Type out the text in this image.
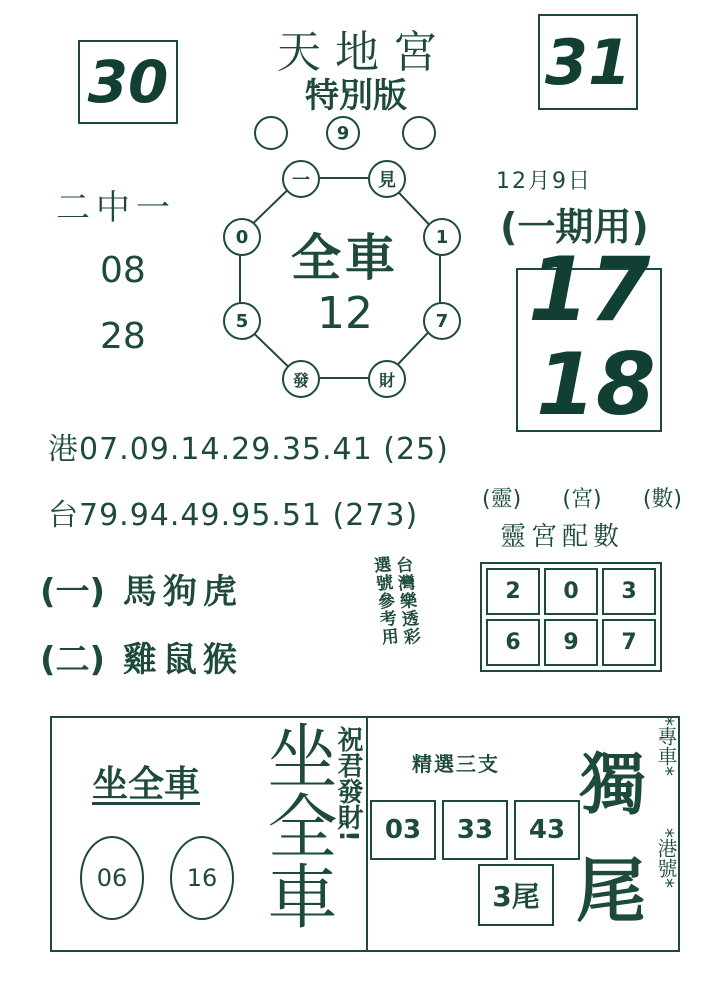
30	31
天 地 宮
特別版
9
二中一
08
28
一	見
0	1
5	7
發	財
全車
12
12月9日
(一期用)
17
18
港07.09.14.29.35.41 (25)
台79.94.49.95.51 (273)
(一) 馬狗虎
(二) 雞鼠猴
台灣樂透彩
選號參考用
(靈) (宮) (數)
靈宮配數
2	0	3
6	9	7
坐全車
06 16 坐全車
祝君發財! 精選三支
03	33	43
3尾
獨
尾
*專車*
*港號*
